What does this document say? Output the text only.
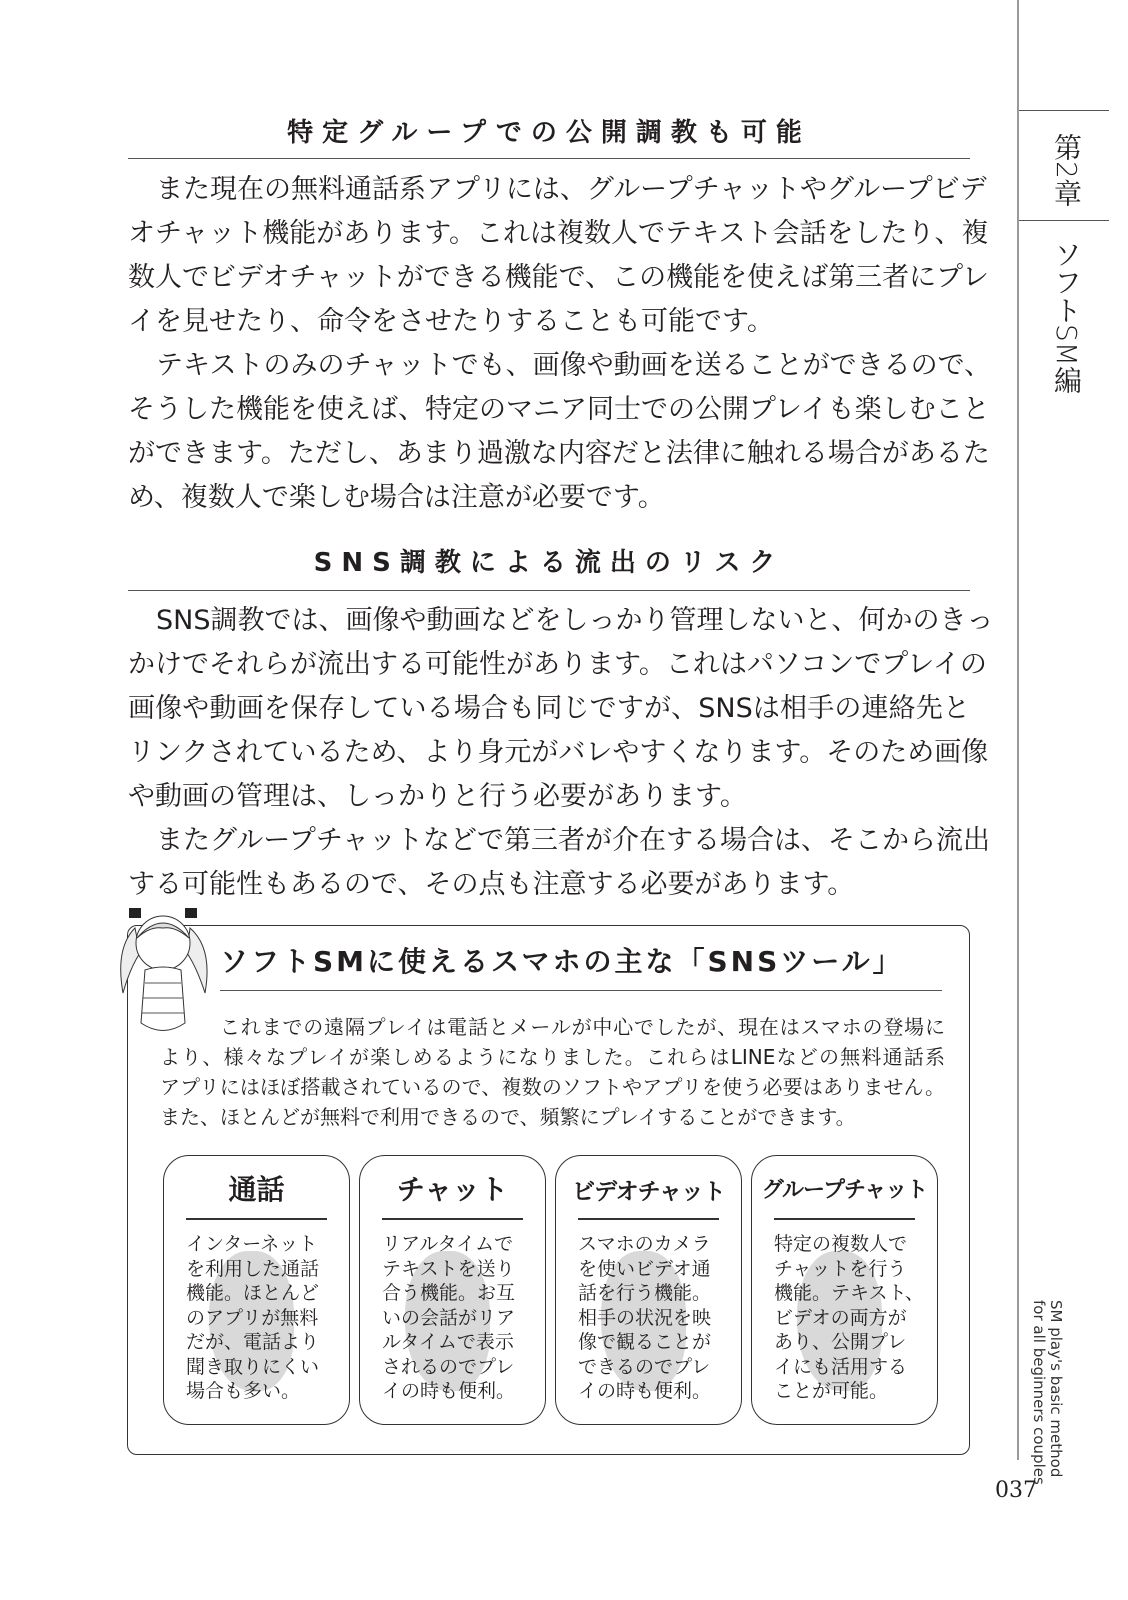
第2章
ソフトSM編
特定グループでの公開調教も可能
また現在の無料通話系アプリには、グループチャットやグループビデ
オチャット機能があります。これは複数人でテキスト会話をしたり、複
数人でビデオチャットができる機能で、この機能を使えば第三者にプレ
イを見せたり、命令をさせたりすることも可能です。
テキストのみのチャットでも、画像や動画を送ることができるので、
そうした機能を使えば、特定のマニア同士での公開プレイも楽しむこと
ができます。ただし、あまり過激な内容だと法律に触れる場合があるた
め、複数人で楽しむ場合は注意が必要です。
SNS調教による流出のリスク
SNS調教では、画像や動画などをしっかり管理しないと、何かのきっ
かけでそれらが流出する可能性があります。これはパソコンでプレイの
画像や動画を保存している場合も同じですが、SNSは相手の連絡先と
リンクされているため、より身元がバレやすくなります。そのため画像
や動画の管理は、しっかりと行う必要があります。
またグループチャットなどで第三者が介在する場合は、そこから流出
する可能性もあるので、その点も注意する必要があります。
ソフトSMに使えるスマホの主な「SNSツール」
これまでの遠隔プレイは電話とメールが中心でしたが、現在はスマホの登場に
より、様々なプレイが楽しめるようになりました。これらはLINEなどの無料通話系
アプリにはほぼ搭載されているので、複数のソフトやアプリを使う必要はありません。
また、ほとんどが無料で利用できるので、頻繁にプレイすることができます。
通話
インターネット
を利用した通話
機能。ほとんど
のアプリが無料
だが、電話より
聞き取りにくい
場合も多い。
チャット
リアルタイムで
テキストを送り
合う機能。お互
いの会話がリア
ルタイムで表示
されるのでプレ
イの時も便利。
ビデオチャット
スマホのカメラ
を使いビデオ通
話を行う機能。
相手の状況を映
像で観ることが
できるのでプレ
イの時も便利。
グループチャット
特定の複数人で
チャットを行う
機能。テキスト、
ビデオの両方が
あり、公開プレ
イにも活用する
ことが可能。	SM play's basic method
for all beginners couples
037
